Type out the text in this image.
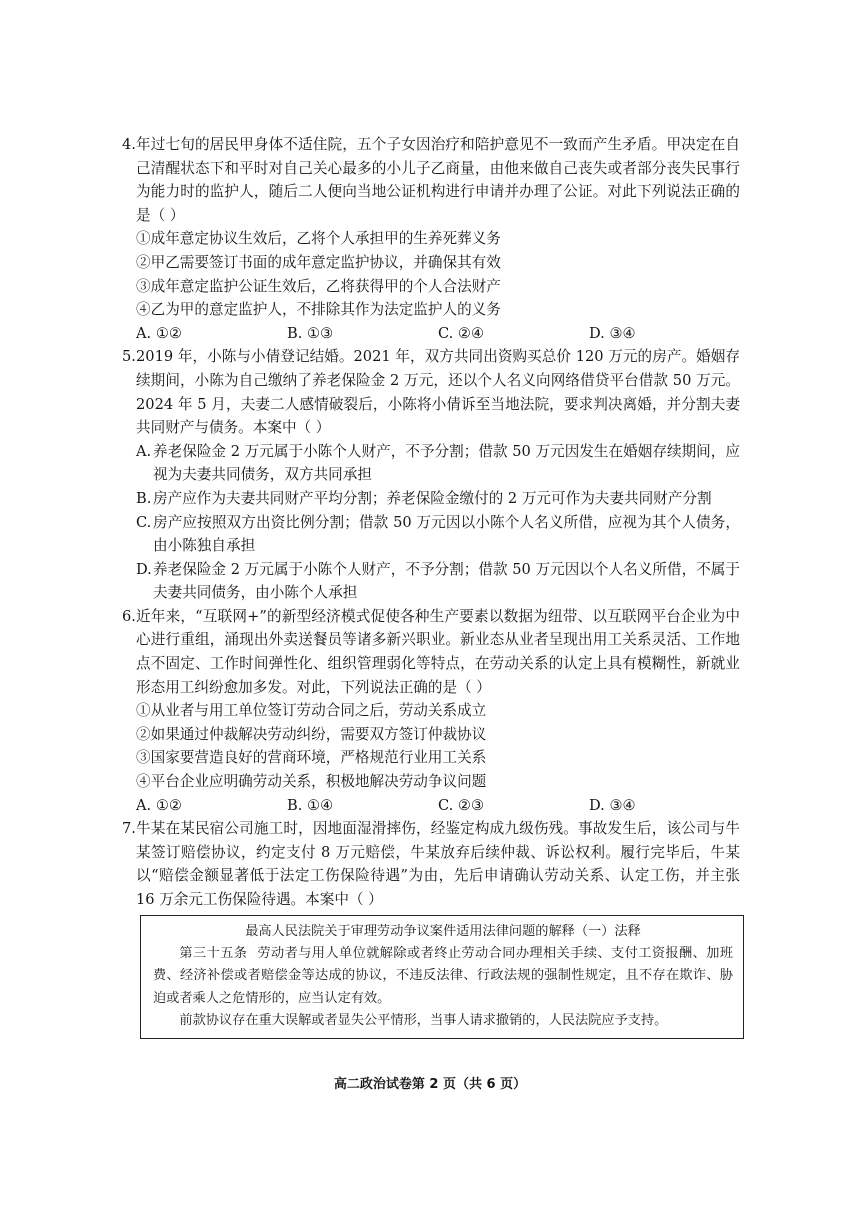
4. 年过七旬的居民甲身体不适住院，五个子女因治疗和陪护意见不一致而产生矛盾。甲决定在自己清醒状态下和平时对自己关心最多的小儿子乙商量，由他来做自己丧失或者部分丧失民事行为能力时的监护人，随后二人便向当地公证机构进行申请并办理了公证。对此下列说法正确的是（ ）
①成年意定协议生效后，乙将个人承担甲的生养死葬义务
②甲乙需要签订书面的成年意定监护协议，并确保其有效
③成年意定监护公证生效后，乙将获得甲的个人合法财产
④乙为甲的意定监护人，不排除其作为法定监护人的义务
A. ①②	B. ①③	C. ②④	D. ③④
5. 2019 年，小陈与小倩登记结婚。2021 年，双方共同出资购买总价 120 万元的房产。婚姻存续期间，小陈为自己缴纳了养老保险金 2 万元，还以个人名义向网络借贷平台借款 50 万元。2024 年 5 月，夫妻二人感情破裂后，小陈将小倩诉至当地法院，要求判决离婚，并分割夫妻共同财产与债务。本案中（ ）
A. 养老保险金 2 万元属于小陈个人财产，不予分割；借款 50 万元因发生在婚姻存续期间，应视为夫妻共同债务，双方共同承担
B. 房产应作为夫妻共同财产平均分割；养老保险金缴付的 2 万元可作为夫妻共同财产分割
C. 房产应按照双方出资比例分割；借款 50 万元因以小陈个人名义所借，应视为其个人债务，由小陈独自承担
D. 养老保险金 2 万元属于小陈个人财产，不予分割；借款 50 万元因以个人名义所借，不属于夫妻共同债务，由小陈个人承担
6. 近年来，“互联网+”的新型经济模式促使各种生产要素以数据为纽带、以互联网平台企业为中心进行重组，涌现出外卖送餐员等诸多新兴职业。新业态从业者呈现出用工关系灵活、工作地点不固定、工作时间弹性化、组织管理弱化等特点，在劳动关系的认定上具有模糊性，新就业形态用工纠纷愈加多发。对此，下列说法正确的是（ ）
①从业者与用工单位签订劳动合同之后，劳动关系成立
②如果通过仲裁解决劳动纠纷，需要双方签订仲裁协议
③国家要营造良好的营商环境，严格规范行业用工关系
④平台企业应明确劳动关系，积极地解决劳动争议问题
A. ①②	B. ①④	C. ②③	D. ③④
7. 牛某在某民宿公司施工时，因地面湿滑摔伤，经鉴定构成九级伤残。事故发生后，该公司与牛某签订赔偿协议，约定支付 8 万元赔偿，牛某放弃后续仲裁、诉讼权利。履行完毕后，牛某以“赔偿金额显著低于法定工伤保险待遇”为由，先后申请确认劳动关系、认定工伤，并主张 16 万余元工伤保险待遇。本案中（ ）
最高人民法院关于审理劳动争议案件适用法律问题的解释（一）法释
第三十五条 劳动者与用人单位就解除或者终止劳动合同办理相关手续、支付工资报酬、加班费、经济补偿或者赔偿金等达成的协议，不违反法律、行政法规的强制性规定，且不存在欺诈、胁迫或者乘人之危情形的，应当认定有效。
前款协议存在重大误解或者显失公平情形，当事人请求撤销的，人民法院应予支持。
高二政治试卷第 2 页（共 6 页）
